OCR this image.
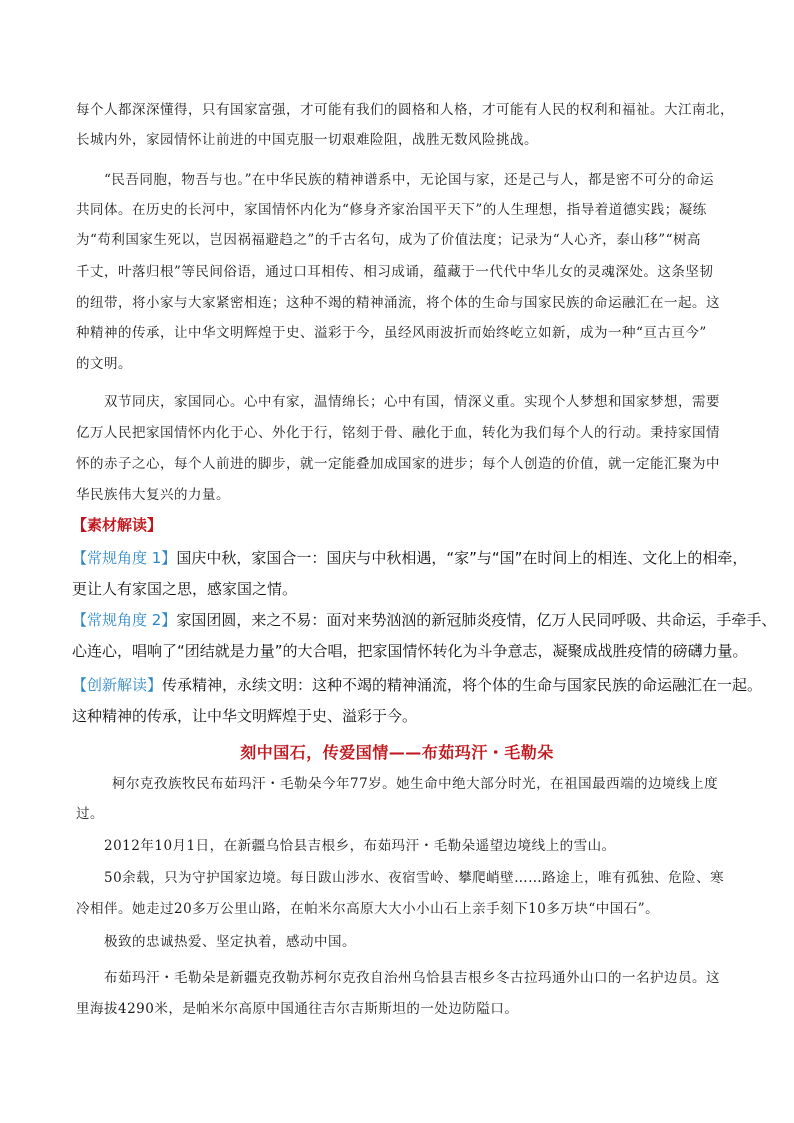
每个人都深深懂得，只有国家富强，才可能有我们的圆格和人格，才可能有人民的权利和福祉。大江南北，
长城内外，家园情怀让前进的中国克服一切艰难险阻，战胜无数风险挑战。
“民吾同胞，物吾与也。”在中华民族的精神谱系中，无论国与家，还是己与人，都是密不可分的命运
共同体。在历史的长河中，家国情怀内化为“修身齐家治国平天下”的人生理想，指导着道德实践；凝练
为“苟利国家生死以，岂因祸福避趋之”的千古名句，成为了价值法度；记录为“人心齐，泰山移”“树高
千丈，叶落归根”等民间俗语，通过口耳相传、相习成诵，蕴藏于一代代中华儿女的灵魂深处。这条坚韧
的纽带，将小家与大家紧密相连；这种不竭的精神涌流，将个体的生命与国家民族的命运融汇在一起。这
种精神的传承，让中华文明辉煌于史、溢彩于今，虽经风雨波折而始终屹立如新，成为一种“亘古亘今”
的文明。
双节同庆，家国同心。心中有家，温情绵长；心中有国，情深义重。实现个人梦想和国家梦想，需要
亿万人民把家国情怀内化于心、外化于行，铭刻于骨、融化于血，转化为我们每个人的行动。秉持家国情
怀的赤子之心，每个人前进的脚步，就一定能叠加成国家的进步；每个人创造的价值，就一定能汇聚为中
华民族伟大复兴的力量。
【素材解读】
【常规角度 1】国庆中秋，家国合一：国庆与中秋相遇，“家”与“国”在时间上的相连、文化上的相牵，
更让人有家国之思，感家国之情。
【常规角度 2】家国团圆，来之不易：面对来势汹汹的新冠肺炎疫情，亿万人民同呼吸、共命运，手牵手、
心连心，唱响了“团结就是力量”的大合唱，把家国情怀转化为斗争意志，凝聚成战胜疫情的磅礴力量。
【创新解读】传承精神，永续文明：这种不竭的精神涌流，将个体的生命与国家民族的命运融汇在一起。
这种精神的传承，让中华文明辉煌于史、溢彩于今。
刻中国石，传爱国情——布茹玛汗・毛勒朵
柯尔克孜族牧民布茹玛汗・毛勒朵今年77岁。她生命中绝大部分时光，在祖国最西端的边境线上度
过。
2012年10月1日，在新疆乌恰县吉根乡，布茹玛汗・毛勒朵遥望边境线上的雪山。
50余载，只为守护国家边境。每日跋山涉水、夜宿雪岭、攀爬峭壁……路途上，唯有孤独、危险、寒
冷相伴。她走过20多万公里山路，在帕米尔高原大大小小山石上亲手刻下10多万块“中国石”。
极致的忠诚热爱、坚定执着，感动中国。
布茹玛汗・毛勒朵是新疆克孜勒苏柯尔克孜自治州乌恰县吉根乡冬古拉玛通外山口的一名护边员。这
里海拔4290米，是帕米尔高原中国通往吉尔吉斯斯坦的一处边防隘口。
